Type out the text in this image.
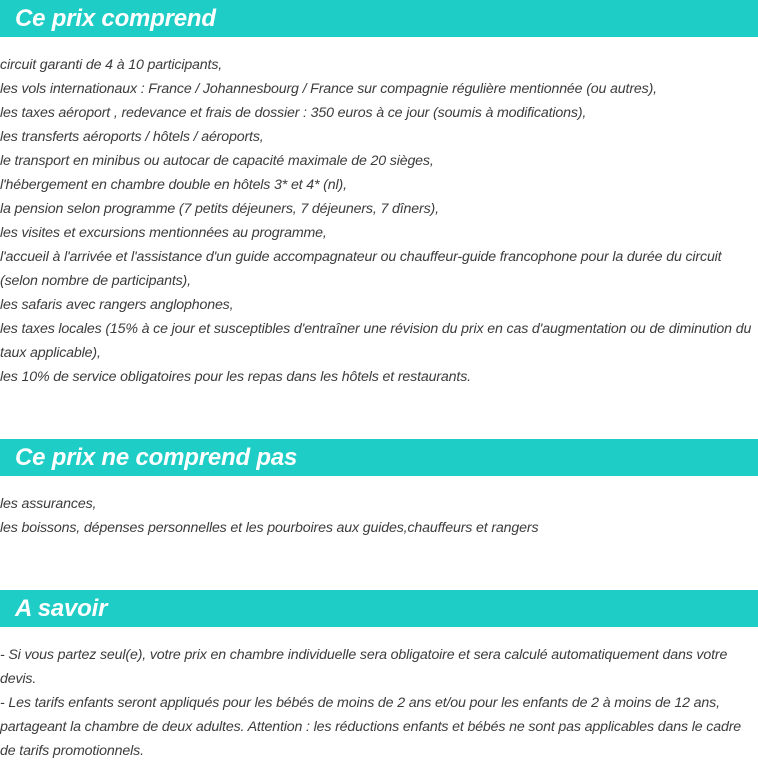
Ce prix comprend
circuit garanti de 4 à 10 participants,
les vols internationaux : France / Johannesbourg / France sur compagnie régulière mentionnée (ou autres),
les taxes aéroport , redevance et frais de dossier : 350 euros à ce jour (soumis à modifications),
les transferts aéroports / hôtels / aéroports,
le transport en minibus ou autocar de capacité maximale de 20 sièges,
l'hébergement en chambre double en hôtels 3* et 4* (nl),
la pension selon programme (7 petits déjeuners, 7 déjeuners, 7 dîners),
les visites et excursions mentionnées au programme,
l'accueil à l'arrivée et l'assistance d'un guide accompagnateur ou chauffeur-guide francophone pour la durée du circuit (selon nombre de participants),
les safaris avec rangers anglophones,
les taxes locales (15% à ce jour et susceptibles d'entraîner une révision du prix en cas d'augmentation ou de diminution du taux applicable),
les 10% de service obligatoires pour les repas dans les hôtels et restaurants.
Ce prix ne comprend pas
les assurances,
les boissons, dépenses personnelles et les pourboires aux guides,chauffeurs et rangers
A savoir
- Si vous partez seul(e), votre prix en chambre individuelle sera obligatoire et sera calculé automatiquement dans votre devis.
- Les tarifs enfants seront appliqués pour les bébés de moins de 2 ans et/ou pour les enfants de 2 à moins de 12 ans, partageant la chambre de deux adultes. Attention : les réductions enfants et bébés ne sont pas applicables dans le cadre de tarifs promotionnels.
